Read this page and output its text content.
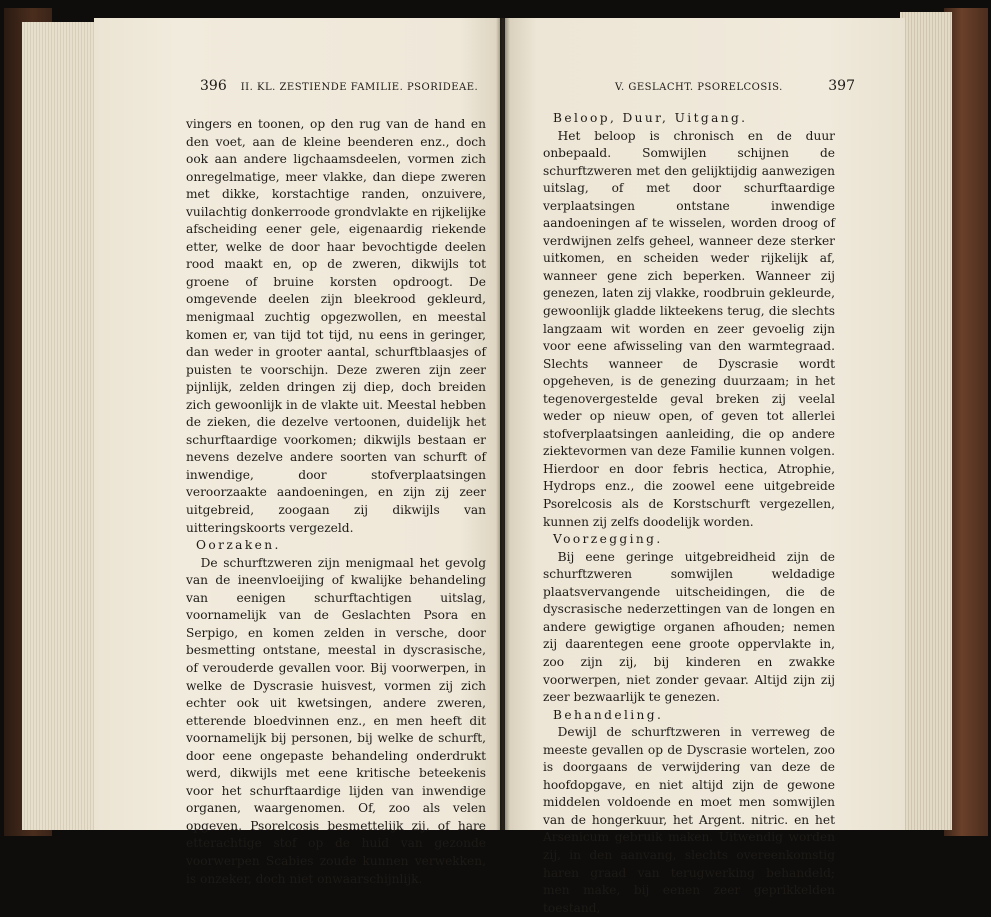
396 II. KL. ZESTIENDE FAMILIE. PSORIDEAE.

vingers en toonen, op den rug van de hand en den voet, aan de kleine beenderen enz., doch ook aan andere ligchaamsdeelen, vormen zich onregelmatige, meer vlakke, dan diepe zweren met dikke, korstachtige randen, onzuivere, vuilachtig donkerroode grondvlakte en rijkelijke afscheiding eener gele, eigenaardig riekende etter, welke de door haar bevochtigde deelen rood maakt en, op de zweren, dikwijls tot groene of bruine korsten opdroogt. De omgevende deelen zijn bleekrood gekleurd, menigmaal zuchtig opgezwollen, en meestal komen er, van tijd tot tijd, nu eens in geringer, dan weder in grooter aantal, schurftblaasjes of puisten te voorschijn. Deze zweren zijn zeer pijnlijk, zelden dringen zij diep, doch breiden zich gewoonlijk in de vlakte uit. Meestal hebben de zieken, die dezelve vertoonen, duidelijk het schurftaardige voorkomen; dikwijls bestaan er nevens dezelve andere soorten van schurft of inwendige, door stofverplaatsingen veroorzaakte aandoeningen, en zijn zij zeer uitgebreid, zoogaan zij dikwijls van uitteringskoorts vergezeld.

Oorzaken.

De schurftzweren zijn menigmaal het gevolg van de ineenvloeijing of kwalijke behandeling van eenigen schurftachtigen uitslag, voornamelijk van de Geslachten Psora en Serpigo, en komen zelden in versche, door besmetting ontstane, meestal in dyscrasische, of verouderde gevallen voor. Bij voorwerpen, in welke de Dyscrasie huisvest, vormen zij zich echter ook uit kwetsingen, andere zweren, etterende bloedvinnen enz., en men heeft dit voornamelijk bij personen, bij welke de schurft, door eene ongepaste behandeling onderdrukt werd, dikwijls met eene kritische beteekenis voor het schurftaardige lijden van inwendige organen, waargenomen. Of, zoo als velen opgeven, Psorelcosis besmettelijk zij, of hare etterachtige stof op de huid van gezonde voorwerpen Scabies zoude kunnen verwekken, is onzeker, doch niet onwaarschijnlijk.

V. GESLACHT. PSORELCOSIS.	397

Beloop, Duur, Uitgang.

Het beloop is chronisch en de duur onbepaald. Somwijlen schijnen de schurftzweren met den gelijktijdig aanwezigen uitslag, of met door schurftaardige verplaatsingen ontstane inwendige aandoeningen af te wisselen, worden droog of verdwijnen zelfs geheel, wanneer deze sterker uitkomen, en scheiden weder rijkelijk af, wanneer gene zich beperken. Wanneer zij genezen, laten zij vlakke, roodbruin gekleurde, gewoonlijk gladde likteekens terug, die slechts langzaam wit worden en zeer gevoelig zijn voor eene afwisseling van den warmtegraad. Slechts wanneer de Dyscrasie wordt opgeheven, is de genezing duurzaam; in het tegenovergestelde geval breken zij veelal weder op nieuw open, of geven tot allerlei stofverplaatsingen aanleiding, die op andere ziektevormen van deze Familie kunnen volgen. Hierdoor en door febris hectica, Atrophie, Hydrops enz., die zoowel eene uitgebreide Psorelcosis als de Korstschurft vergezellen, kunnen zij zelfs doodelijk worden.

Voorzegging.

Bij eene geringe uitgebreidheid zijn de schurftzweren somwijlen weldadige plaatsvervangende uitscheidingen, die de dyscrasische nederzettingen van de longen en andere gewigtige organen afhouden; nemen zij daarentegen eene groote oppervlakte in, zoo zijn zij, bij kinderen en zwakke voorwerpen, niet zonder gevaar. Altijd zijn zij zeer bezwaarlijk te genezen.

Behandeling.

Dewijl de schurftzweren in verreweg de meeste gevallen op de Dyscrasie wortelen, zoo is doorgaans de verwijdering van deze de hoofdopgave, en niet altijd zijn de gewone middelen voldoende en moet men somwijlen van de hongerkuur, het Argent. nitric. en het Arsenicum gebruik maken. Uitwendig worden zij, in den aanvang, slechts overeenkomstig haren graad van terugwerking behandeld; men make, bij eenen zeer geprikkelden toestand,
